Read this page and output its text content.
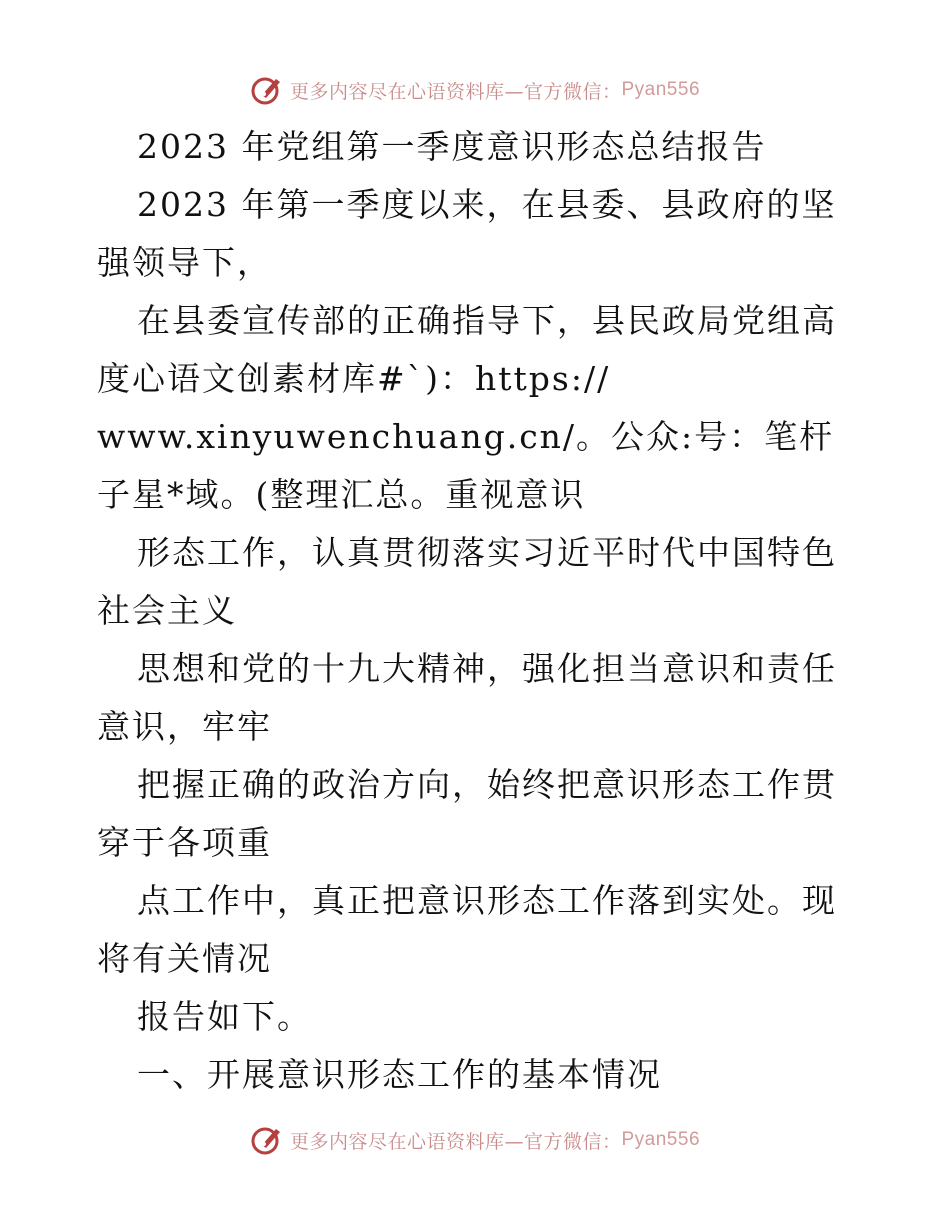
更多内容尽在心语资料库—官方微信： Pyan556

2023 年党组第一季度意识形态总结报告

2023 年第一季度以来，在县委、县政府的坚强领导下，

在县委宣传部的正确指导下，县民政局党组高度心语文创素材库#`)：https://

www.xinyuwenchuang.cn/。公众:号：笔杆子星*域。(整理汇总。重视意识

形态工作，认真贯彻落实习近平时代中国特色社会主义

思想和党的十九大精神，强化担当意识和责任意识，牢牢

把握正确的政治方向，始终把意识形态工作贯穿于各项重

点工作中，真正把意识形态工作落到实处。现将有关情况

报告如下。

一、开展意识形态工作的基本情况

更多内容尽在心语资料库—官方微信： Pyan556
